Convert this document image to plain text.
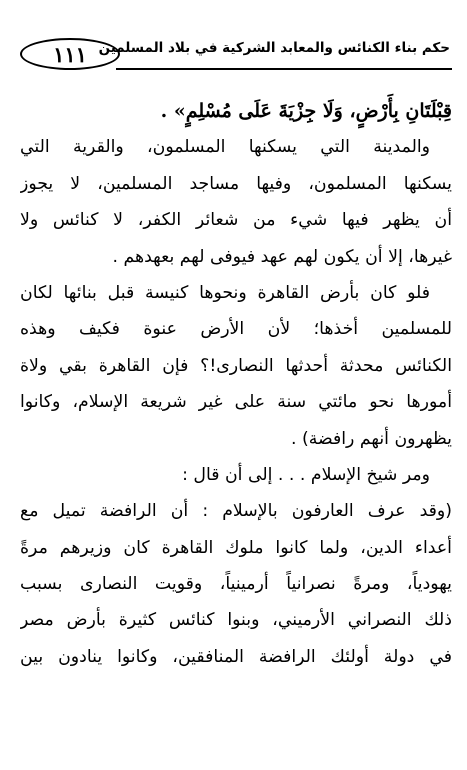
١١١ حكم بناء الكنائس والمعابد الشركية في بلاد المسلمين
قِبْلَتَانِ بِأَرْضٍ، وَلَا جِزْيَةَ عَلَى مُسْلِمٍ» .
والمدينة التي يسكنها المسلمون، والقرية التي
يسكنها المسلمون، وفيها مساجد المسلمين، لا يجوز
أن يظهر فيها شيء من شعائر الكفر، لا كنائس ولا
غيرها، إلا أن يكون لهم عهد فيوفى لهم بعهدهم .
فلو كان بأرض القاهرة ونحوها كنيسة قبل بنائها لكان
للمسلمين أخذها؛ لأن الأرض عنوة فكيف وهذه
الكنائس محدثة أحدثها النصارى!؟ فإن القاهرة بقي ولاة
أمورها نحو مائتي سنة على غير شريعة الإسلام، وكانوا
يظهرون أنهم رافضة) .
ومر شيخ الإسلام . . . إلى أن قال :
(وقد عرف العارفون بالإسلام : أن الرافضة تميل مع
أعداء الدين، ولما كانوا ملوك القاهرة كان وزيرهم مرةً
يهودياً، ومرةً نصرانياً أرمينياً، وقويت النصارى بسبب
ذلك النصراني الأرميني، وبنوا كنائس كثيرة بأرض مصر
في دولة أولئك الرافضة المنافقين، وكانوا ينادون بين
